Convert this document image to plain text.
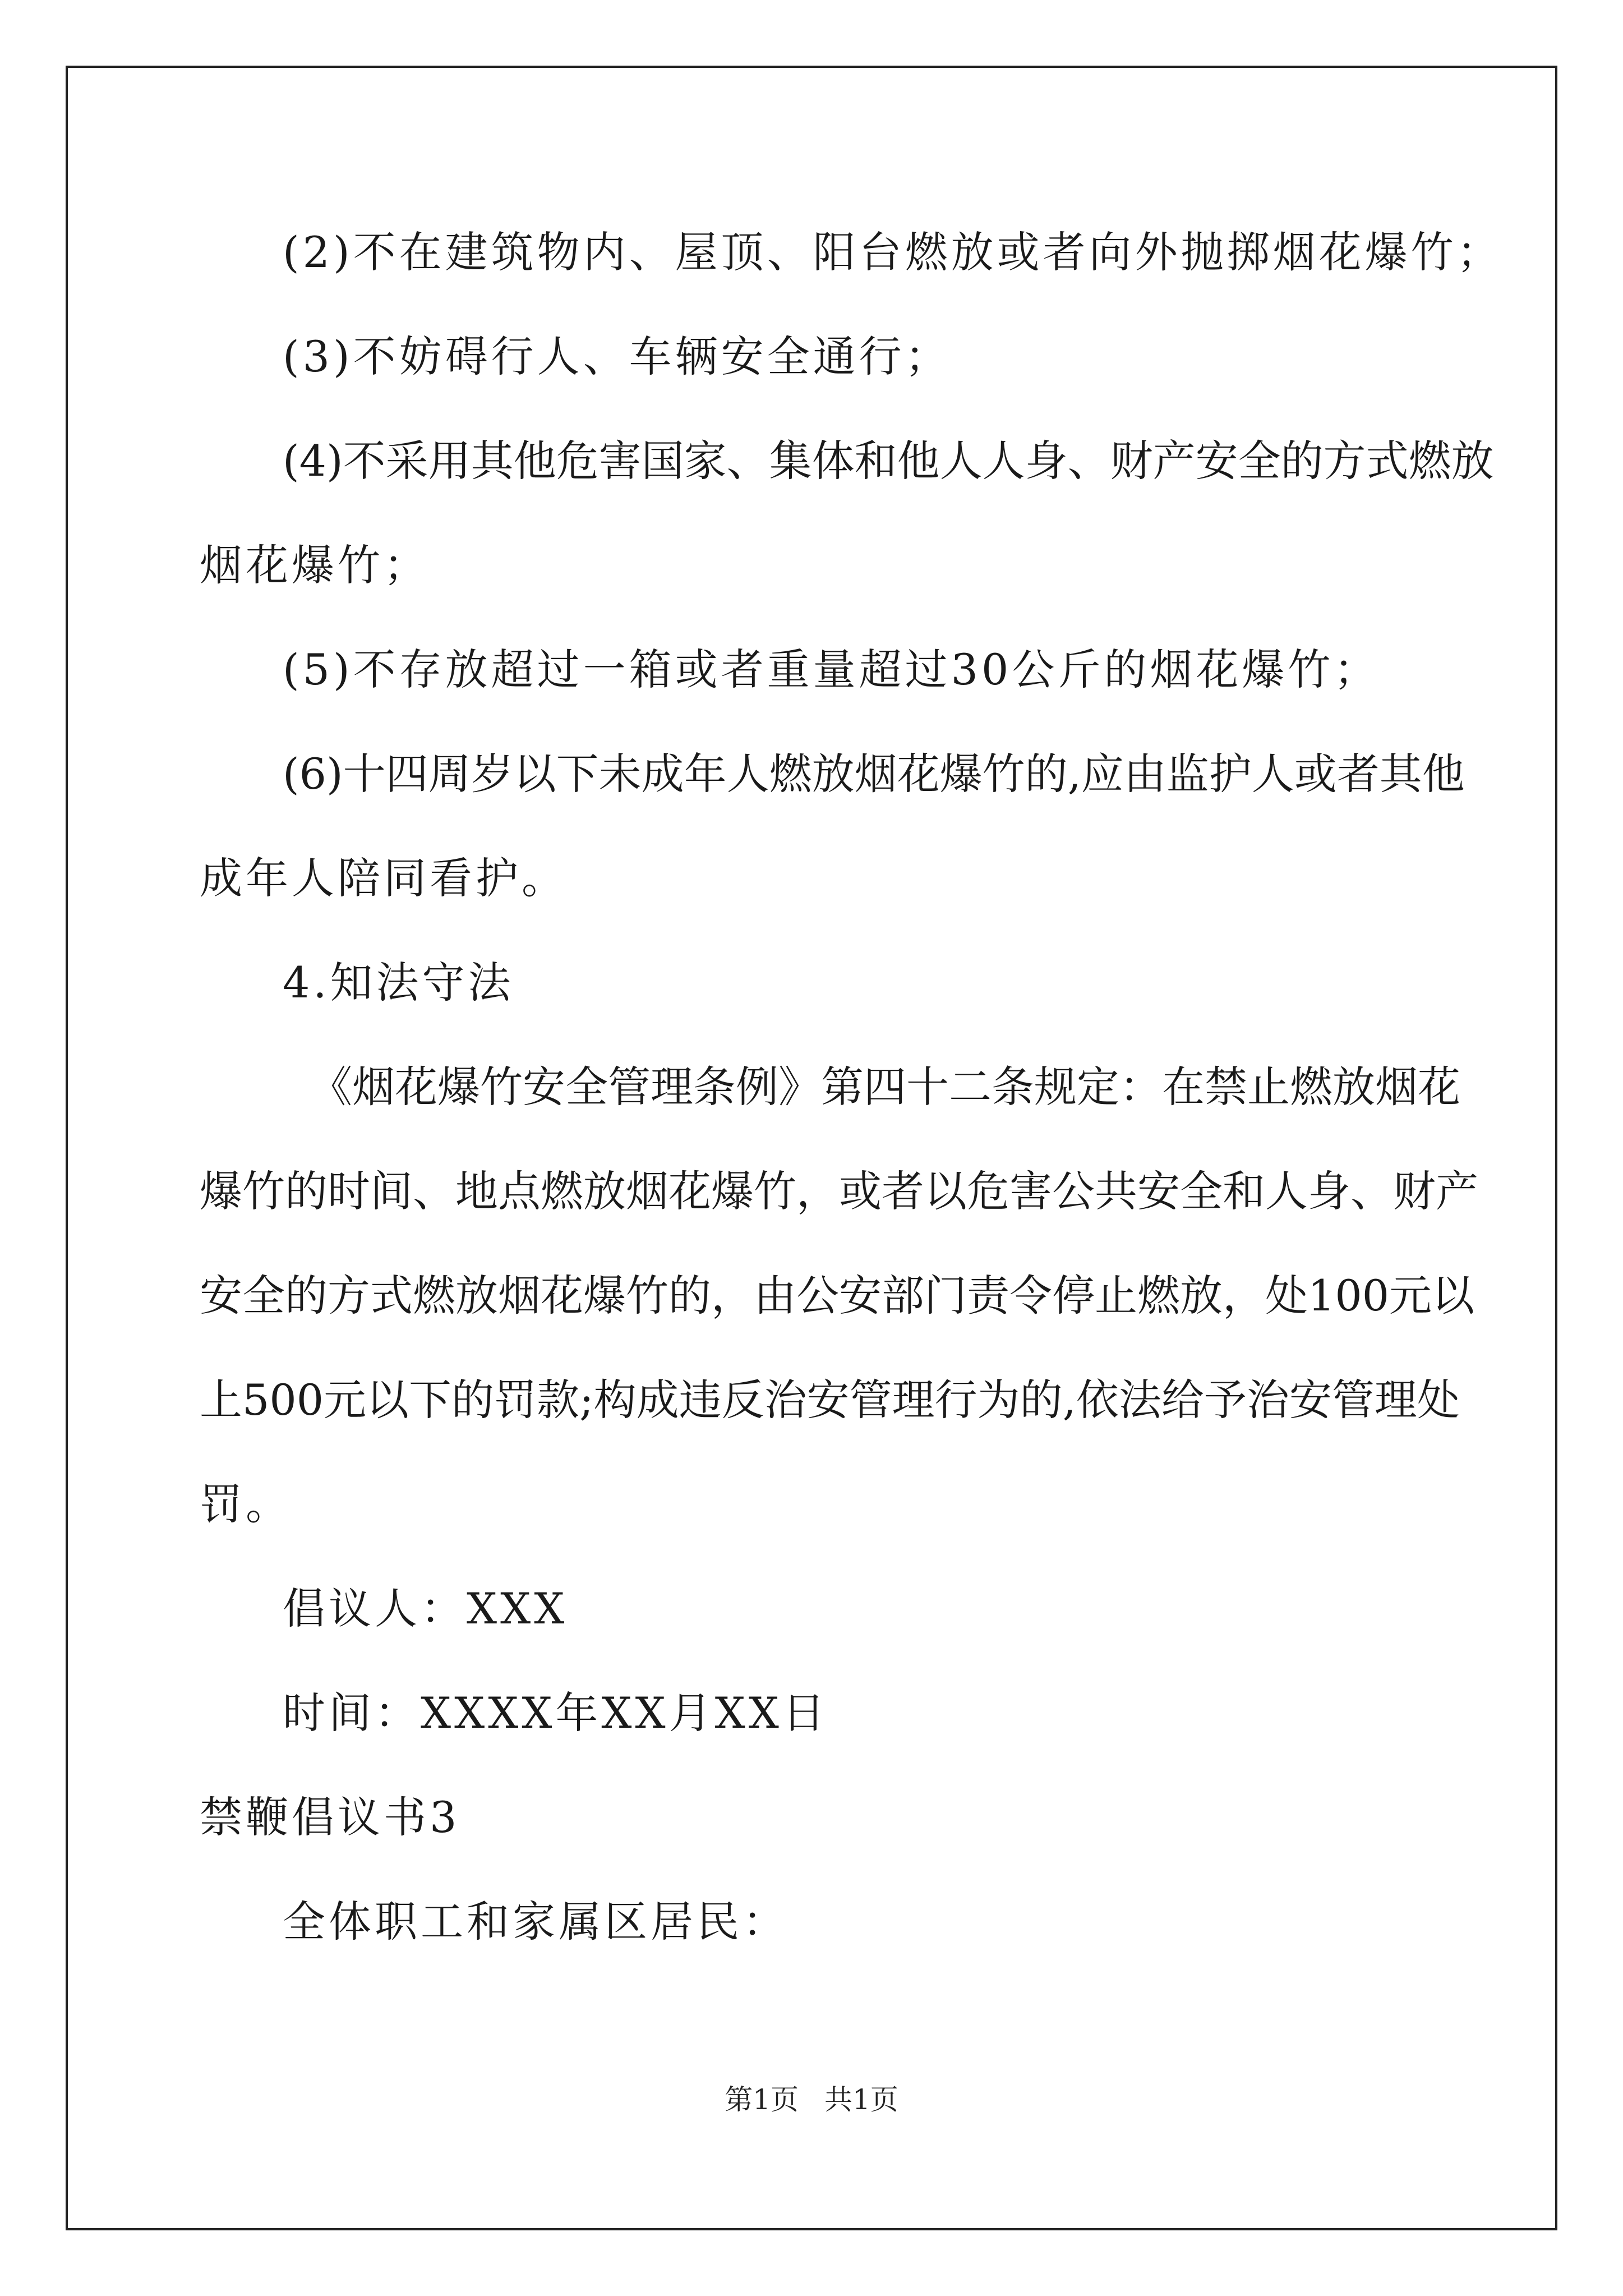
(2)不在建筑物内、屋顶、阳台燃放或者向外抛掷烟花爆竹；

(3)不妨碍行人、车辆安全通行；

(4)不采用其他危害国家、集体和他人人身、财产安全的方式燃放

烟花爆竹；

(5)不存放超过一箱或者重量超过30公斤的烟花爆竹；

(6)十四周岁以下未成年人燃放烟花爆竹的,应由监护人或者其他

成年人陪同看护。

4.知法守法

《烟花爆竹安全管理条例》第四十二条规定：在禁止燃放烟花

爆竹的时间、地点燃放烟花爆竹，或者以危害公共安全和人身、财产

安全的方式燃放烟花爆竹的，由公安部门责令停止燃放，处100元以

上500元以下的罚款;构成违反治安管理行为的,依法给予治安管理处

罚。

倡议人：XXX

时间：XXXX年XX月XX日

禁鞭倡议书3

全体职工和家属区居民：

第1页 共1页
